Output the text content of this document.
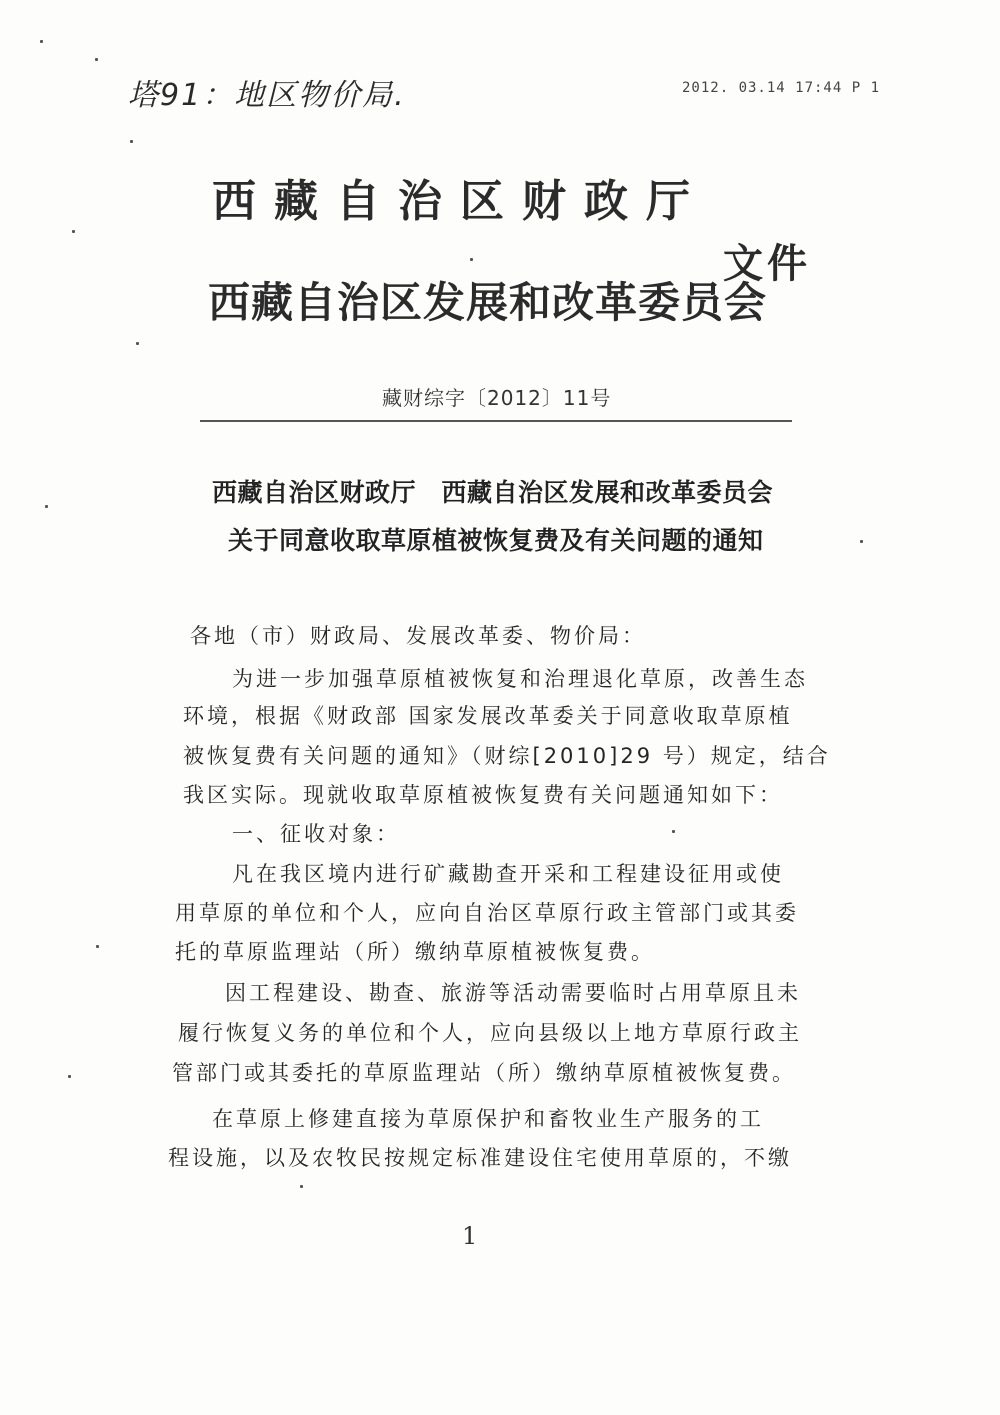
塔91：地区物价局.	2012. 03.14 17:44 P 1
西藏自治区财政厅
文件
西藏自治区发展和改革委员会
藏财综字〔2012〕11号
西藏自治区财政厅　西藏自治区发展和改革委员会
关于同意收取草原植被恢复费及有关问题的通知
各地（市）财政局、发展改革委、物价局：
为进一步加强草原植被恢复和治理退化草原，改善生态
环境，根据《财政部 国家发展改革委关于同意收取草原植
被恢复费有关问题的通知》（财综[2010]29 号）规定，结合
我区实际。现就收取草原植被恢复费有关问题通知如下：
一、征收对象：
凡在我区境内进行矿藏勘查开采和工程建设征用或使
用草原的单位和个人，应向自治区草原行政主管部门或其委
托的草原监理站（所）缴纳草原植被恢复费。
因工程建设、勘查、旅游等活动需要临时占用草原且未
履行恢复义务的单位和个人，应向县级以上地方草原行政主
管部门或其委托的草原监理站（所）缴纳草原植被恢复费。
在草原上修建直接为草原保护和畜牧业生产服务的工
程设施，以及农牧民按规定标准建设住宅使用草原的，不缴
1
